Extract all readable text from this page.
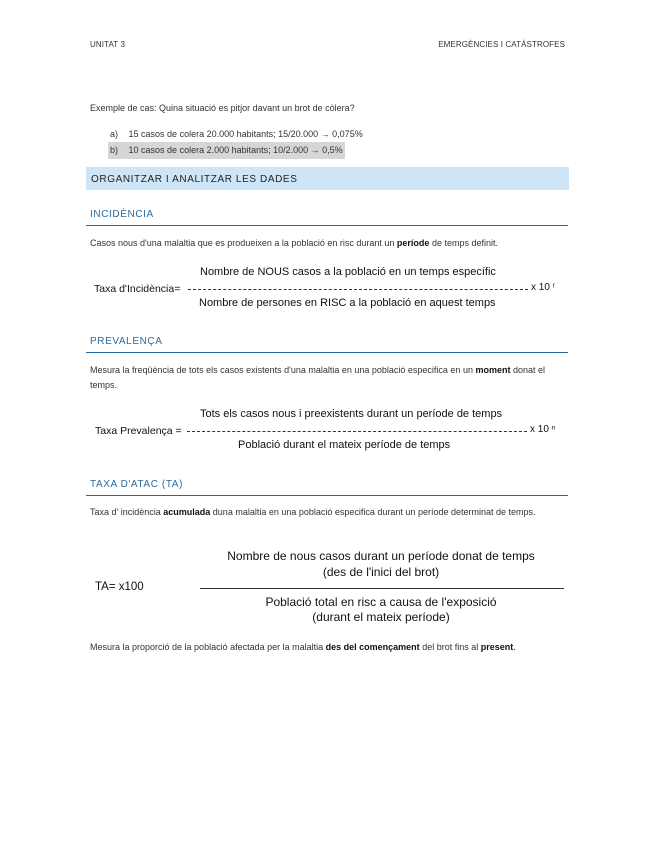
UNITAT 3	EMERGÈNCIES I CATÀSTROFES
Exemple de cas: Quina situació es pitjor davant un brot de còlera?
a) 15 casos de colera 20.000 habitants; 15/20.000 → 0,075%
b) 10 casos de colera 2.000 habitants; 10/2.000 → 0,5%
ORGANITZAR I ANALITZAR LES DADES
INCIDÈNCIA
Casos nous d'una malaltia que es produeixen a la població en risc durant un període de temps definit.
Nombre de NOUS casos a la població en un temps específic
Taxa d'Incidència=	x 10 ʳ
Nombre de persones en RISC a la població en aquest temps
PREVALENÇA
Mesura la freqüència de tots els casos existents d'una malaltia en una població especifica en un moment donat el temps.
Tots els casos nous i preexistents durant un període de temps
Taxa Prevalença =	x 10 ⁿ
Població durant el mateix període de temps
TAXA D'ATAC (TA)
Taxa d' incidència acumulada duna malaltia en una població especifica durant un període determinat de temps.
Nombre de nous casos durant un període donat de temps
(des de l'inici del brot)
TA= x100
Població total en risc a causa de l'exposició
(durant el mateix període)
Mesura la proporció de la població afectada per la malaltia des del començament del brot fins al present.
